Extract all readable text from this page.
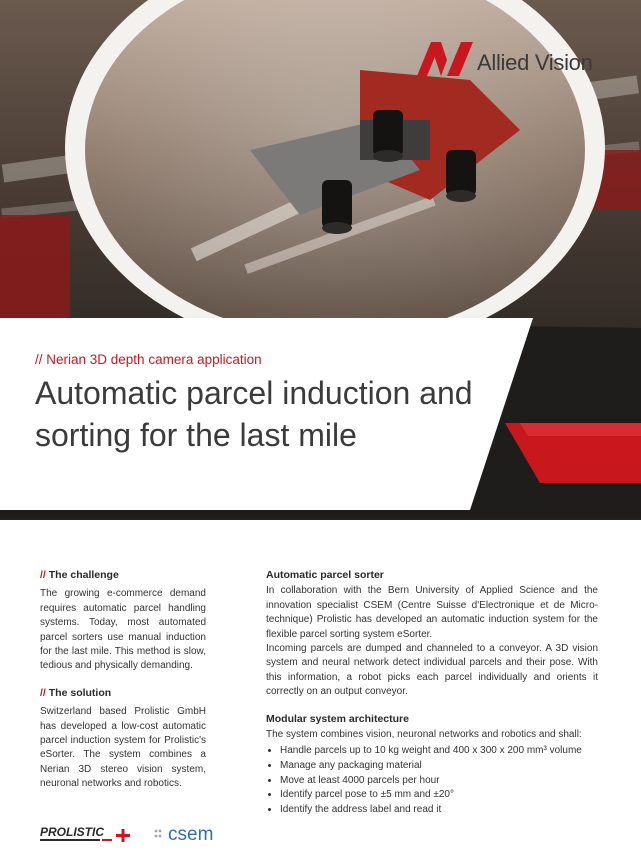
// Nerian 3D depth camera application
Automatic parcel induction and
sorting for the last mile
Allied Vision
// The challenge

The growing e-commerce demand requires automatic parcel handling systems. Today, most automated parcel sorters use manual induction for the last mile. This method is slow, tedious and physically demanding.

// The solution

Switzerland based Prolistic GmbH has developed a low-cost automatic parcel induction system for Prolistic's eSorter. The system combines a Nerian 3D stereo vision system, neuronal networks and robotics.

Automatic parcel sorter

In collaboration with the Bern University of Applied Science and the innovation specialist CSEM (Centre Suisse d'Electronique et de Micro-technique) Prolistic has developed an automatic induction system for the flexible parcel sorting system eSorter.

Incoming parcels are dumped and channeled to a conveyor. A 3D vision system and neural network detect individual parcels and their pose. With this information, a robot picks each parcel individually and orients it correctly on an output conveyor.

Modular system architecture

The system combines vision, neuronal networks and robotics and shall:

• Handle parcels up to 10 kg weight and 400 x 300 x 200 mm³ volume
• Manage any packaging material
• Move at least 4000 parcels per hour
• Identify parcel pose to ±5 mm and ±20°
• Identify the address label and read it
PROLISTIC	csem
